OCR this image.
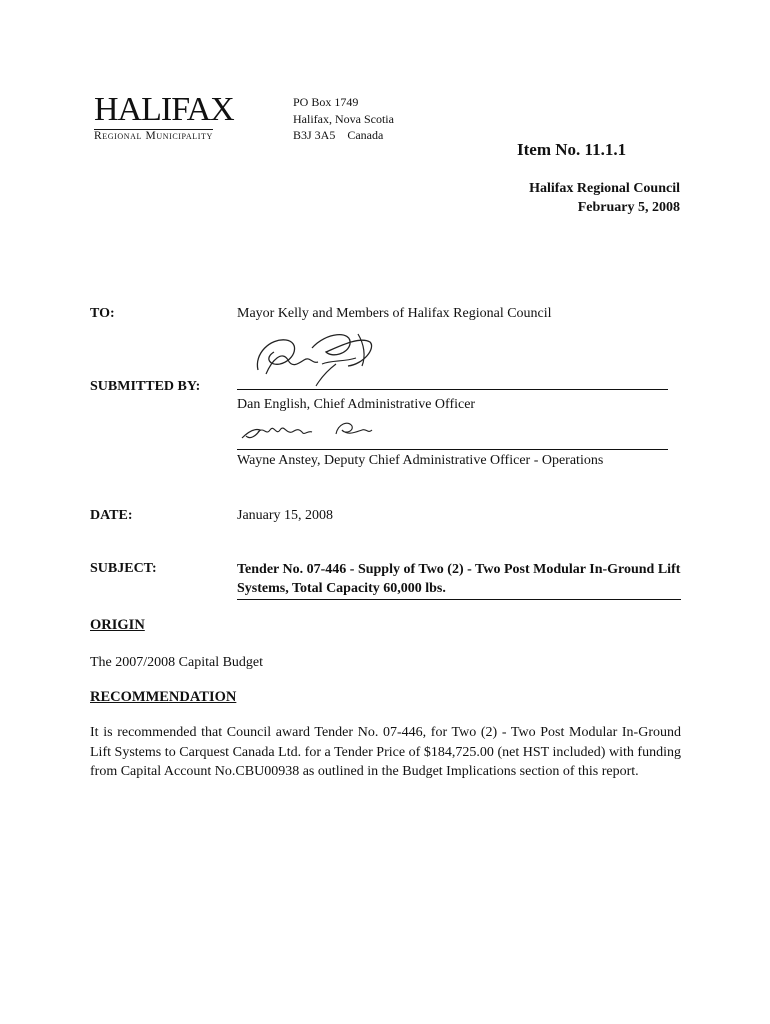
HALIFAX
Regional Municipality
PO Box 1749
Halifax, Nova Scotia
B3J 3A5    Canada
Item No. 11.1.1
Halifax Regional Council
February 5, 2008
TO:	Mayor Kelly and Members of Halifax Regional Council
SUBMITTED BY:
Dan English, Chief Administrative Officer
Wayne Anstey, Deputy Chief Administrative Officer - Operations
DATE:	January 15, 2008
SUBJECT:	Tender No. 07-446 - Supply of Two (2) - Two Post Modular In-Ground Lift Systems, Total Capacity 60,000 lbs.
ORIGIN
The 2007/2008 Capital Budget
RECOMMENDATION
It is recommended that Council award Tender No. 07-446, for Two (2) - Two Post Modular In-Ground Lift Systems to Carquest Canada Ltd. for a Tender Price of $184,725.00 (net HST included) with funding from Capital Account No.CBU00938 as outlined in the Budget Implications section of this report.
